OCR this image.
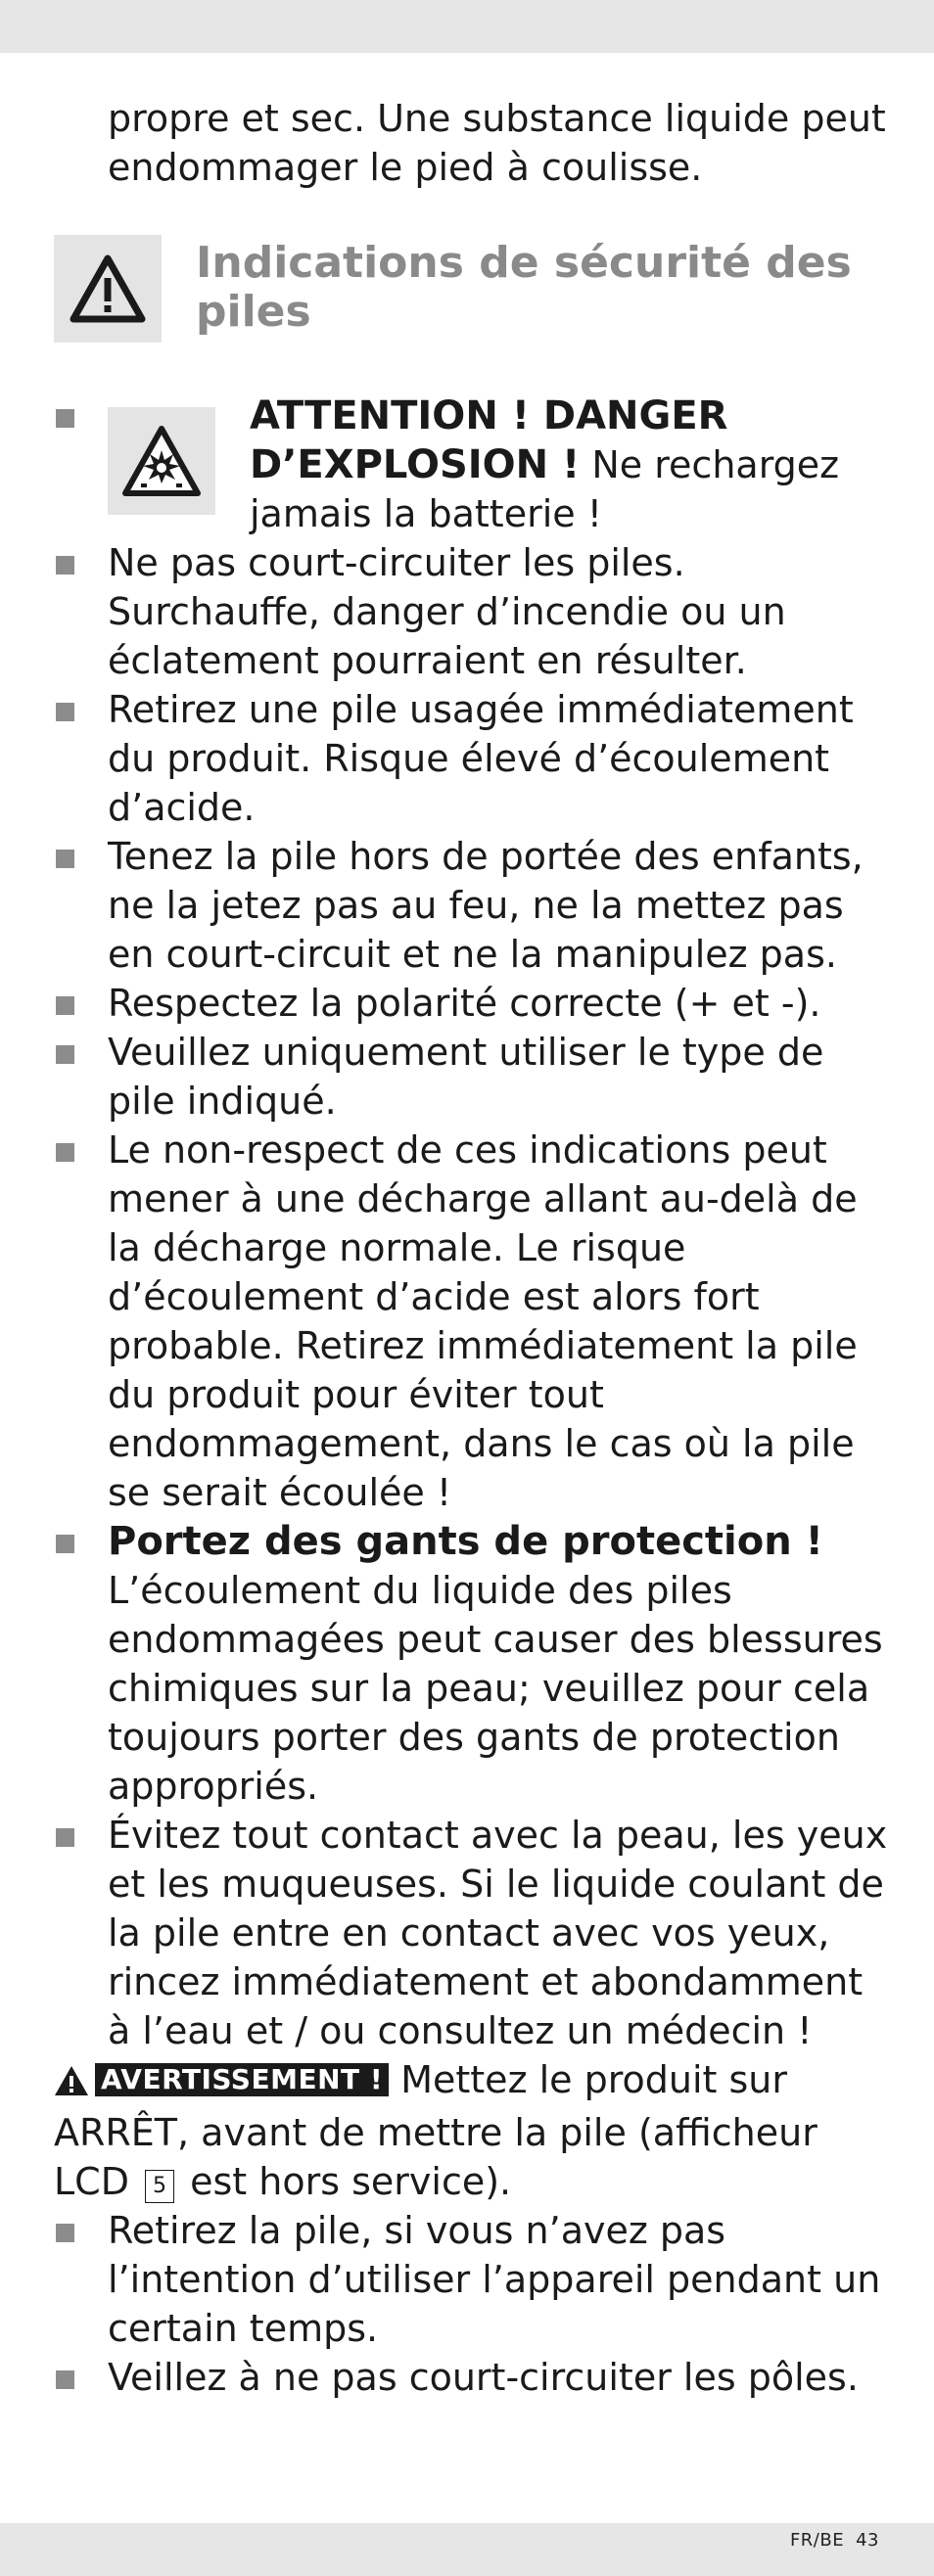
propre et sec. Une substance liquide peut endommager le pied à coulisse.

Indications de sécurité des piles
ATTENTION ! DANGER D’EXPLOSION ! Ne rechargez jamais la batterie !

Ne pas court-circuiter les piles. Surchauffe, danger d’incendie ou un éclatement pourraient en résulter.

Retirez une pile usagée immédiatement du produit. Risque élevé d’écoulement d’acide.

Tenez la pile hors de portée des enfants, ne la jetez pas au feu, ne la mettez pas en court-circuit et ne la manipulez pas.

Respectez la polarité correcte (+ et -).

Veuillez uniquement utiliser le type de pile indiqué.

Le non-respect de ces indications peut mener à une décharge allant au-delà de la décharge normale. Le risque d’écoulement d’acide est alors fort probable. Retirez immédiatement la pile du produit pour éviter tout endommagement, dans le cas où la pile se serait écoulée !

Portez des gants de protection !
L’écoulement du liquide des piles endommagées peut causer des blessures chimiques sur la peau; veuillez pour cela toujours porter des gants de protection appropriés.

Évitez tout contact avec la peau, les yeux et les muqueuses. Si le liquide coulant de la pile entre en contact avec vos yeux, rincez immédiatement et abondamment à l’eau et / ou consultez un médecin !

AVERTISSEMENT ! Mettez le produit sur ARRÊT, avant de mettre la pile (afficheur LCD 5 est hors service).

Retirez la pile, si vous n’avez pas l’intention d’utiliser l’appareil pendant un certain temps.

Veillez à ne pas court-circuiter les pôles.

FR/BE 43
